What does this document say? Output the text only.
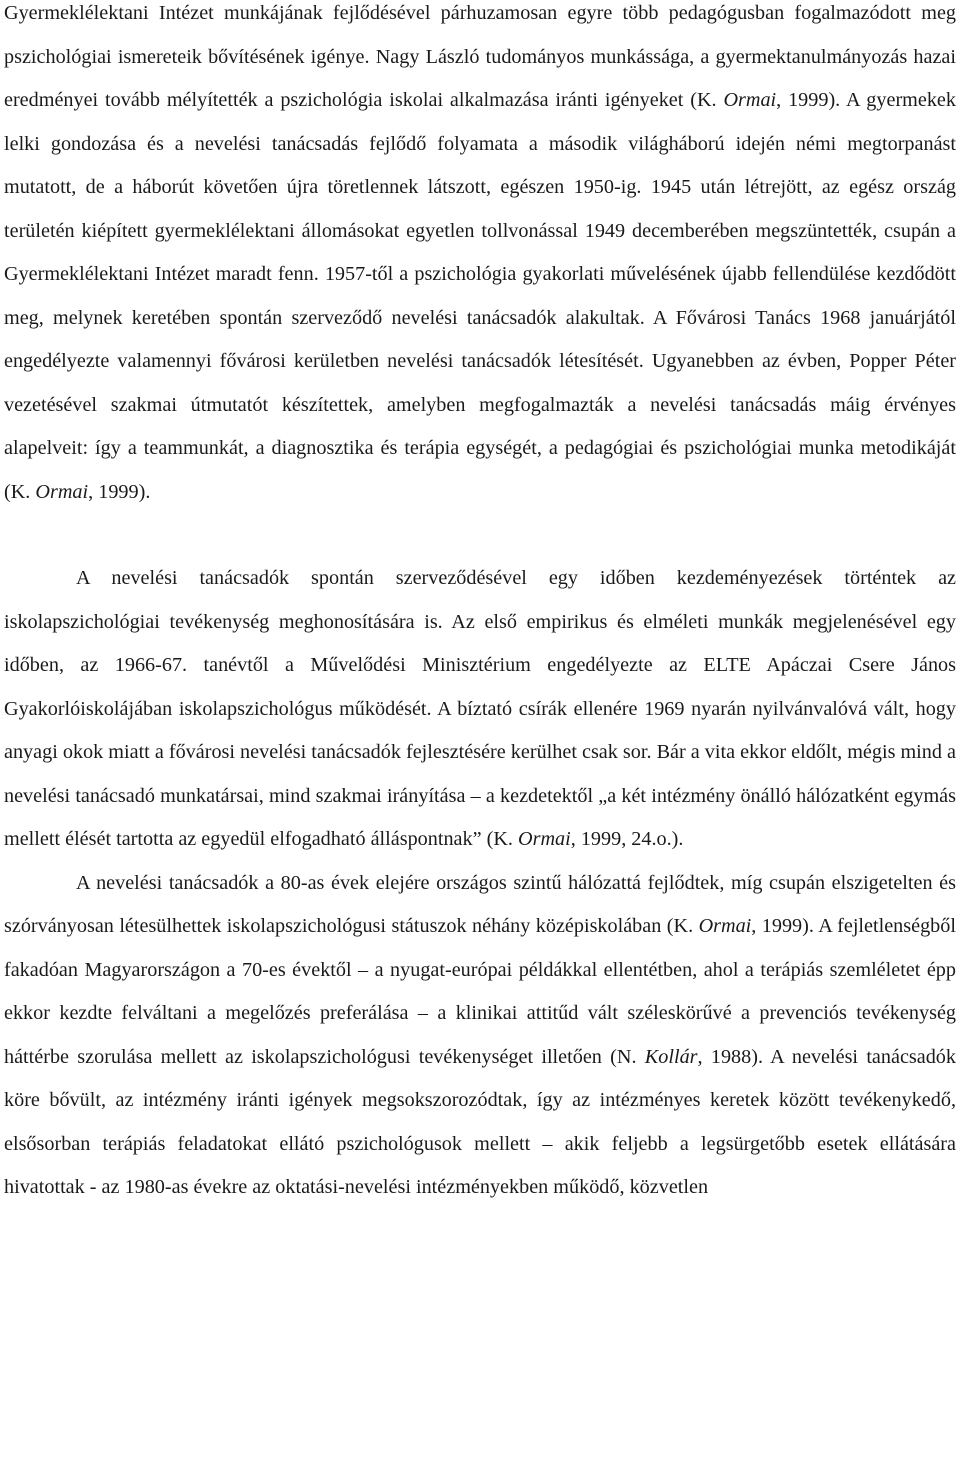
Gyermeklélektani Intézet munkájának fejlődésével párhuzamosan egyre több pedagógusban fogalmazódott meg pszichológiai ismereteik bővítésének igénye. Nagy László tudományos munkássága, a gyermektanulmányozás hazai eredményei tovább mélyítették a pszichológia iskolai alkalmazása iránti igényeket (K. Ormai, 1999). A gyermekek lelki gondozása és a nevelési tanácsadás fejlődő folyamata a második világháború idején némi megtorpanást mutatott, de a háborút követően újra töretlennek látszott, egészen 1950-ig. 1945 után létrejött, az egész ország területén kiépített gyermeklélektani állomásokat egyetlen tollvonással 1949 decemberében megszüntették, csupán a Gyermeklélektani Intézet maradt fenn. 1957-től a pszichológia gyakorlati művelésének újabb fellendülése kezdődött meg, melynek keretében spontán szerveződő nevelési tanácsadók alakultak. A Fővárosi Tanács 1968 januárjától engedélyezte valamennyi fővárosi kerületben nevelési tanácsadók létesítését. Ugyanebben az évben, Popper Péter vezetésével szakmai útmutatót készítettek, amelyben megfogalmazták a nevelési tanácsadás máig érvényes alapelveit: így a teammunkát, a diagnosztika és terápia egységét, a pedagógiai és pszichológiai munka metodikáját (K. Ormai, 1999).

A nevelési tanácsadók spontán szerveződésével egy időben kezdeményezések történtek az iskolapszichológiai tevékenység meghonosítására is. Az első empirikus és elméleti munkák megjelenésével egy időben, az 1966-67. tanévtől a Művelődési Minisztérium engedélyezte az ELTE Apáczai Csere János Gyakorlóiskolájában iskolapszichológus működését. A bíztató csírák ellenére 1969 nyarán nyilvánvalóvá vált, hogy anyagi okok miatt a fővárosi nevelési tanácsadók fejlesztésére kerülhet csak sor. Bár a vita ekkor eldőlt, mégis mind a nevelési tanácsadó munkatársai, mind szakmai irányítása – a kezdetektől „a két intézmény önálló hálózatként egymás mellett élését tartotta az egyedül elfogadható álláspontnak” (K. Ormai, 1999, 24.o.).

A nevelési tanácsadók a 80-as évek elejére országos szintű hálózattá fejlődtek, míg csupán elszigetelten és szórványosan létesülhettek iskolapszichológusi státuszok néhány középiskolában (K. Ormai, 1999). A fejletlenségből fakadóan Magyarországon a 70-es évektől – a nyugat-európai példákkal ellentétben, ahol a terápiás szemléletet épp ekkor kezdte felváltani a megelőzés preferálása – a klinikai attitűd vált széleskörűvé a prevenciós tevékenység háttérbe szorulása mellett az iskolapszichológusi tevékenységet illetően (N. Kollár, 1988). A nevelési tanácsadók köre bővült, az intézmény iránti igények megsokszorozódtak, így az intézményes keretek között tevékenykedő, elsősorban terápiás feladatokat ellátó pszichológusok mellett – akik feljebb a legsürgetőbb esetek ellátására hivatottak - az 1980-as évekre az oktatási-nevelési intézményekben működő, közvetlen
